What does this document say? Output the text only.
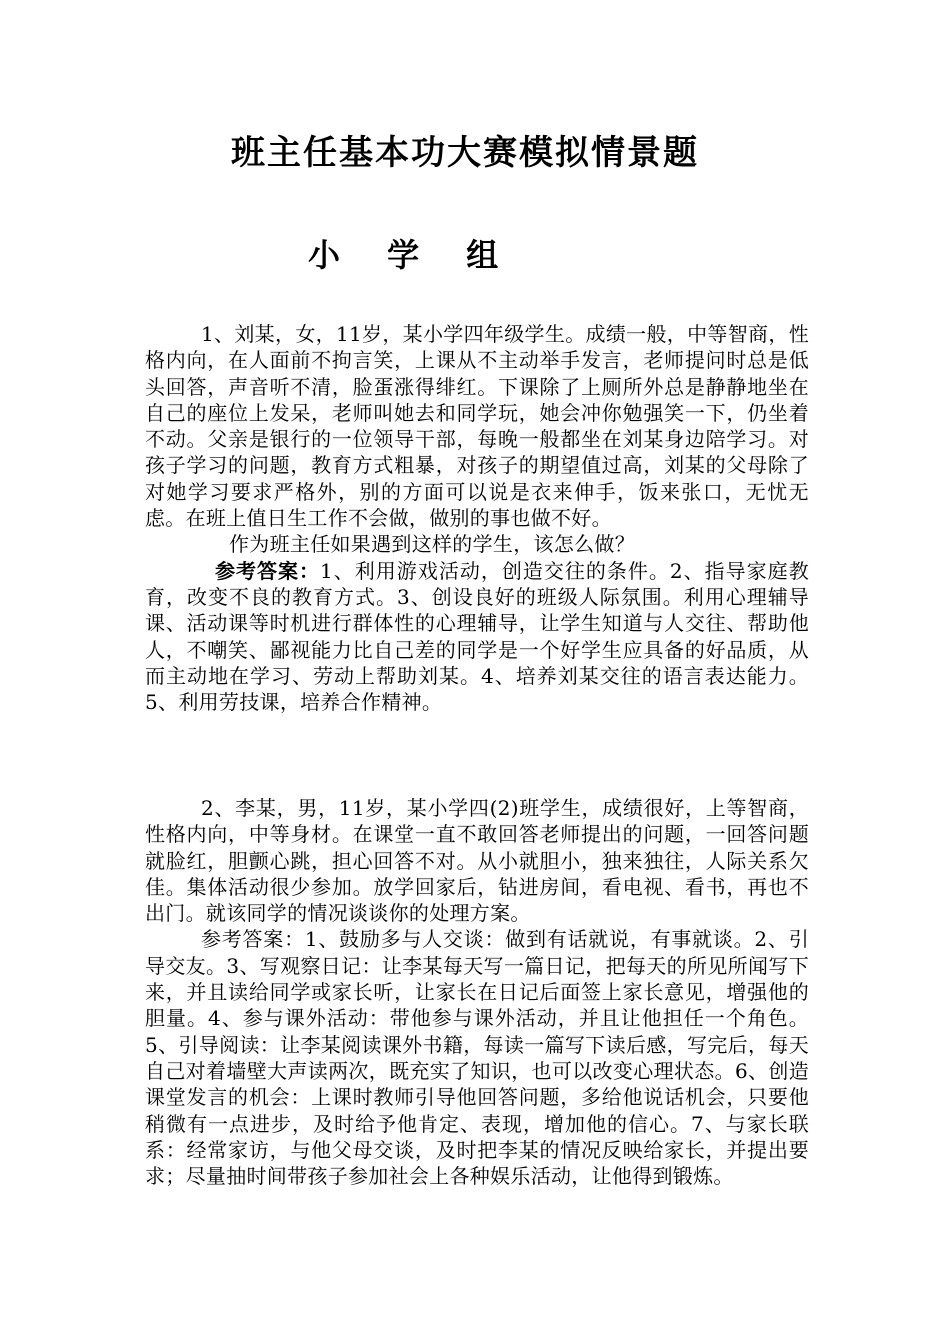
班主任基本功大赛模拟情景题
小 学 组

1、刘某，女，11岁，某小学四年级学生。成绩一般，中等智商，性格内向，在人面前不拘言笑，上课从不主动举手发言，老师提问时总是低头回答，声音听不清，脸蛋涨得绯红。下课除了上厕所外总是静静地坐在自己的座位上发呆，老师叫她去和同学玩，她会冲你勉强笑一下，仍坐着不动。父亲是银行的一位领导干部，每晚一般都坐在刘某身边陪学习。对孩子学习的问题，教育方式粗暴，对孩子的期望值过高，刘某的父母除了对她学习要求严格外，别的方面可以说是衣来伸手，饭来张口，无忧无虑。在班上值日生工作不会做，做别的事也做不好。

作为班主任如果遇到这样的学生，该怎么做？

参考答案：1、利用游戏活动，创造交往的条件。2、指导家庭教育，改变不良的教育方式。3、创设良好的班级人际氛围。利用心理辅导课、活动课等时机进行群体性的心理辅导，让学生知道与人交往、帮助他人，不嘲笑、鄙视能力比自己差的同学是一个好学生应具备的好品质，从而主动地在学习、劳动上帮助刘某。4、培养刘某交往的语言表达能力。5、利用劳技课，培养合作精神。

2、李某，男，11岁，某小学四(2)班学生，成绩很好，上等智商，性格内向，中等身材。在课堂一直不敢回答老师提出的问题，一回答问题就脸红，胆颤心跳，担心回答不对。从小就胆小，独来独往，人际关系欠佳。集体活动很少参加。放学回家后，钻进房间，看电视、看书，再也不出门。就该同学的情况谈谈你的处理方案。

参考答案：1、鼓励多与人交谈：做到有话就说，有事就谈。2、引导交友。3、写观察日记：让李某每天写一篇日记，把每天的所见所闻写下来，并且读给同学或家长听，让家长在日记后面签上家长意见，增强他的胆量。4、参与课外活动：带他参与课外活动，并且让他担任一个角色。5、引导阅读：让李某阅读课外书籍，每读一篇写下读后感，写完后，每天自己对着墙壁大声读两次，既充实了知识，也可以改变心理状态。6、创造课堂发言的机会：上课时教师引导他回答问题，多给他说话机会，只要他稍微有一点进步，及时给予他肯定、表现，增加他的信心。7、与家长联系：经常家访，与他父母交谈，及时把李某的情况反映给家长，并提出要求；尽量抽时间带孩子参加社会上各种娱乐活动，让他得到锻炼。
